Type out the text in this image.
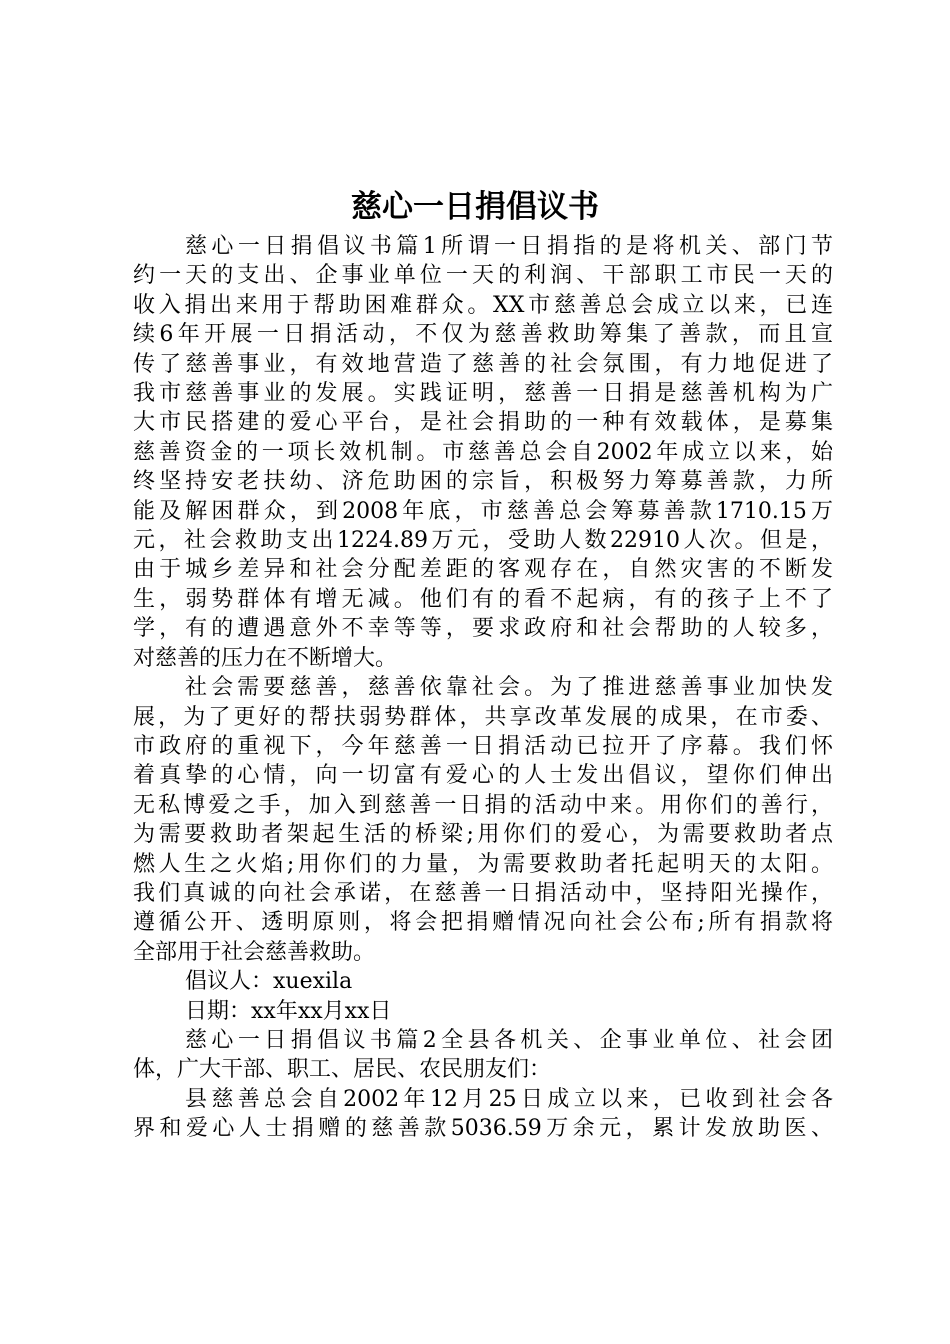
慈心一日捐倡议书
慈心一日捐倡议书篇1所谓一日捐指的是将机关、部门节
约一天的支出、企事业单位一天的利润、干部职工市民一天的
收入捐出来用于帮助困难群众。XX市慈善总会成立以来，已连
续6年开展一日捐活动，不仅为慈善救助筹集了善款，而且宣
传了慈善事业，有效地营造了慈善的社会氛围，有力地促进了
我市慈善事业的发展。实践证明，慈善一日捐是慈善机构为广
大市民搭建的爱心平台，是社会捐助的一种有效载体，是募集
慈善资金的一项长效机制。市慈善总会自2002年成立以来，始
终坚持安老扶幼、济危助困的宗旨，积极努力筹募善款，力所
能及解困群众，到2008年底，市慈善总会筹募善款1710.15万
元，社会救助支出1224.89万元，受助人数22910人次。但是，
由于城乡差异和社会分配差距的客观存在，自然灾害的不断发
生，弱势群体有增无减。他们有的看不起病，有的孩子上不了
学，有的遭遇意外不幸等等，要求政府和社会帮助的人较多，
对慈善的压力在不断增大。
社会需要慈善，慈善依靠社会。为了推进慈善事业加快发
展，为了更好的帮扶弱势群体，共享改革发展的成果，在市委、
市政府的重视下，今年慈善一日捐活动已拉开了序幕。我们怀
着真挚的心情，向一切富有爱心的人士发出倡议，望你们伸出
无私博爱之手，加入到慈善一日捐的活动中来。用你们的善行，
为需要救助者架起生活的桥梁;用你们的爱心，为需要救助者点
燃人生之火焰;用你们的力量，为需要救助者托起明天的太阳。
我们真诚的向社会承诺，在慈善一日捐活动中，坚持阳光操作，
遵循公开、透明原则，将会把捐赠情况向社会公布;所有捐款将
全部用于社会慈善救助。
倡议人：xuexila
日期：xx年xx月xx日
慈心一日捐倡议书篇2全县各机关、企事业单位、社会团
体，广大干部、职工、居民、农民朋友们：
县慈善总会自2002年12月25日成立以来，已收到社会各
界和爱心人士捐赠的慈善款5036.59万余元，累计发放助医、
